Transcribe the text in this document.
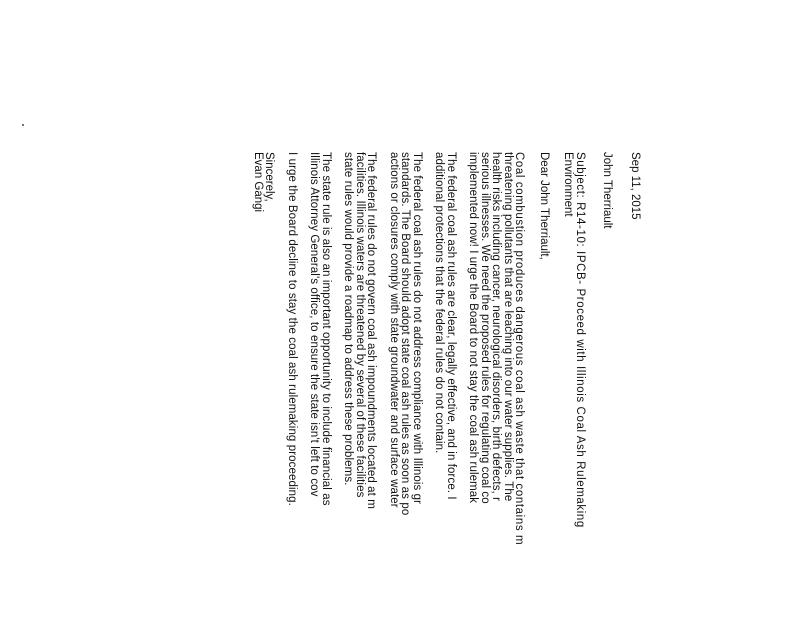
Sep 11, 2015
John Therriault
Subject: R14-10: IPCB- Proceed with Illinois Coal Ash Rulemaking
Environment
Dear John Therriault,
Coal combustion produces dangerous coal ash waste that contains m
threatening pollutants that are leaching into our water supplies. The
health risks including cancer, neurological disorders, birth defects, r
serious illnesses. We need the proposed rules for regulating coal co
implemented now! I urge the Board to not stay the coal ash rulemak
The federal coal ash rules are clear, legally effective, and in force. I
additional protections that the federal rules do not contain.
The federal coal ash rules do not address compliance with Illinois gr
standards. The Board should adopt state coal ash rules as soon as po
actions or closures comply with state groundwater and surface water
The federal rules do not govern coal ash impoundments located at m
facilities. Illinois waters are threatened by several of these facilities
state rules would provide a roadmap to address these problems.
The state rule is also an important opportunity to include financial as
Illinois Attorney General's office, to ensure the state isn't left to cov
I urge the Board decline to stay the coal ash rulemaking proceeding.
Sincerely,
Evan Gangi
